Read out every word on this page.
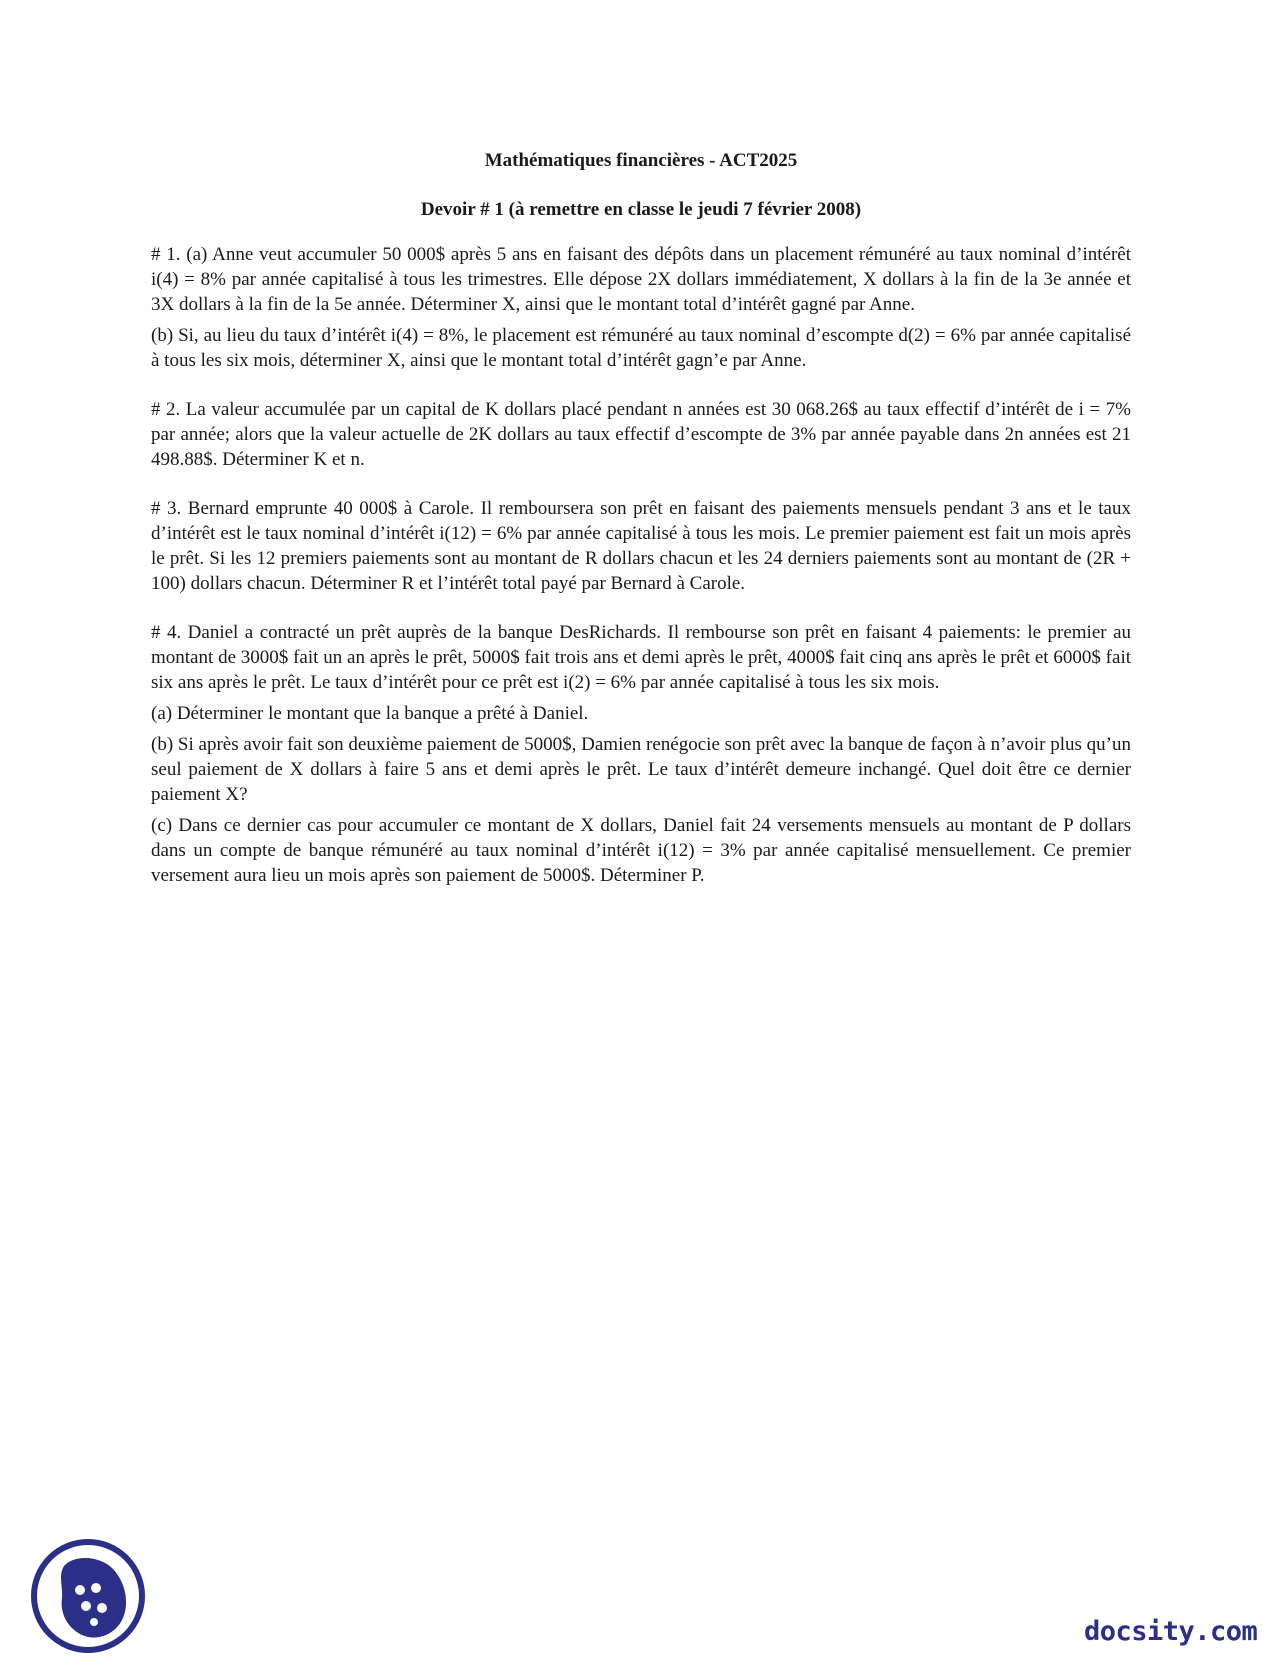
Mathématiques financières - ACT2025
Devoir # 1 (à remettre en classe le jeudi 7 février 2008)

# 1. (a) Anne veut accumuler 50 000$ après 5 ans en faisant des dépôts dans un placement rémunéré au taux nominal d’intérêt i(4) = 8% par année capitalisé à tous les trimestres. Elle dépose 2X dollars immédiatement, X dollars à la fin de la 3e année et 3X dollars à la fin de la 5e année. Déterminer X, ainsi que le montant total d’intérêt gagné par Anne.

(b) Si, au lieu du taux d’intérêt i(4) = 8%, le placement est rémunéré au taux nominal d’escompte d(2) = 6% par année capitalisé à tous les six mois, déterminer X, ainsi que le montant total d’intérêt gagn’e par Anne.

# 2. La valeur accumulée par un capital de K dollars placé pendant n années est 30 068.26$ au taux effectif d’intérêt de i = 7% par année; alors que la valeur actuelle de 2K dollars au taux effectif d’escompte de 3% par année payable dans 2n années est 21 498.88$. Déterminer K et n.

# 3. Bernard emprunte 40 000$ à Carole. Il remboursera son prêt en faisant des paiements mensuels pendant 3 ans et le taux d’intérêt est le taux nominal d’intérêt i(12) = 6% par année capitalisé à tous les mois. Le premier paiement est fait un mois après le prêt. Si les 12 premiers paiements sont au montant de R dollars chacun et les 24 derniers paiements sont au montant de (2R + 100) dollars chacun. Déterminer R et l’intérêt total payé par Bernard à Carole.

# 4. Daniel a contracté un prêt auprès de la banque DesRichards. Il rembourse son prêt en faisant 4 paiements: le premier au montant de 3000$ fait un an après le prêt, 5000$ fait trois ans et demi après le prêt, 4000$ fait cinq ans après le prêt et 6000$ fait six ans après le prêt. Le taux d’intérêt pour ce prêt est i(2) = 6% par année capitalisé à tous les six mois.

(a) Déterminer le montant que la banque a prêté à Daniel.

(b) Si après avoir fait son deuxième paiement de 5000$, Damien renégocie son prêt avec la banque de façon à n’avoir plus qu’un seul paiement de X dollars à faire 5 ans et demi après le prêt. Le taux d’intérêt demeure inchangé. Quel doit être ce dernier paiement X?

(c) Dans ce dernier cas pour accumuler ce montant de X dollars, Daniel fait 24 versements mensuels au montant de P dollars dans un compte de banque rémunéré au taux nominal d’intérêt i(12) = 3% par année capitalisé mensuellement. Ce premier versement aura lieu un mois après son paiement de 5000$. Déterminer P.

docsity.com
